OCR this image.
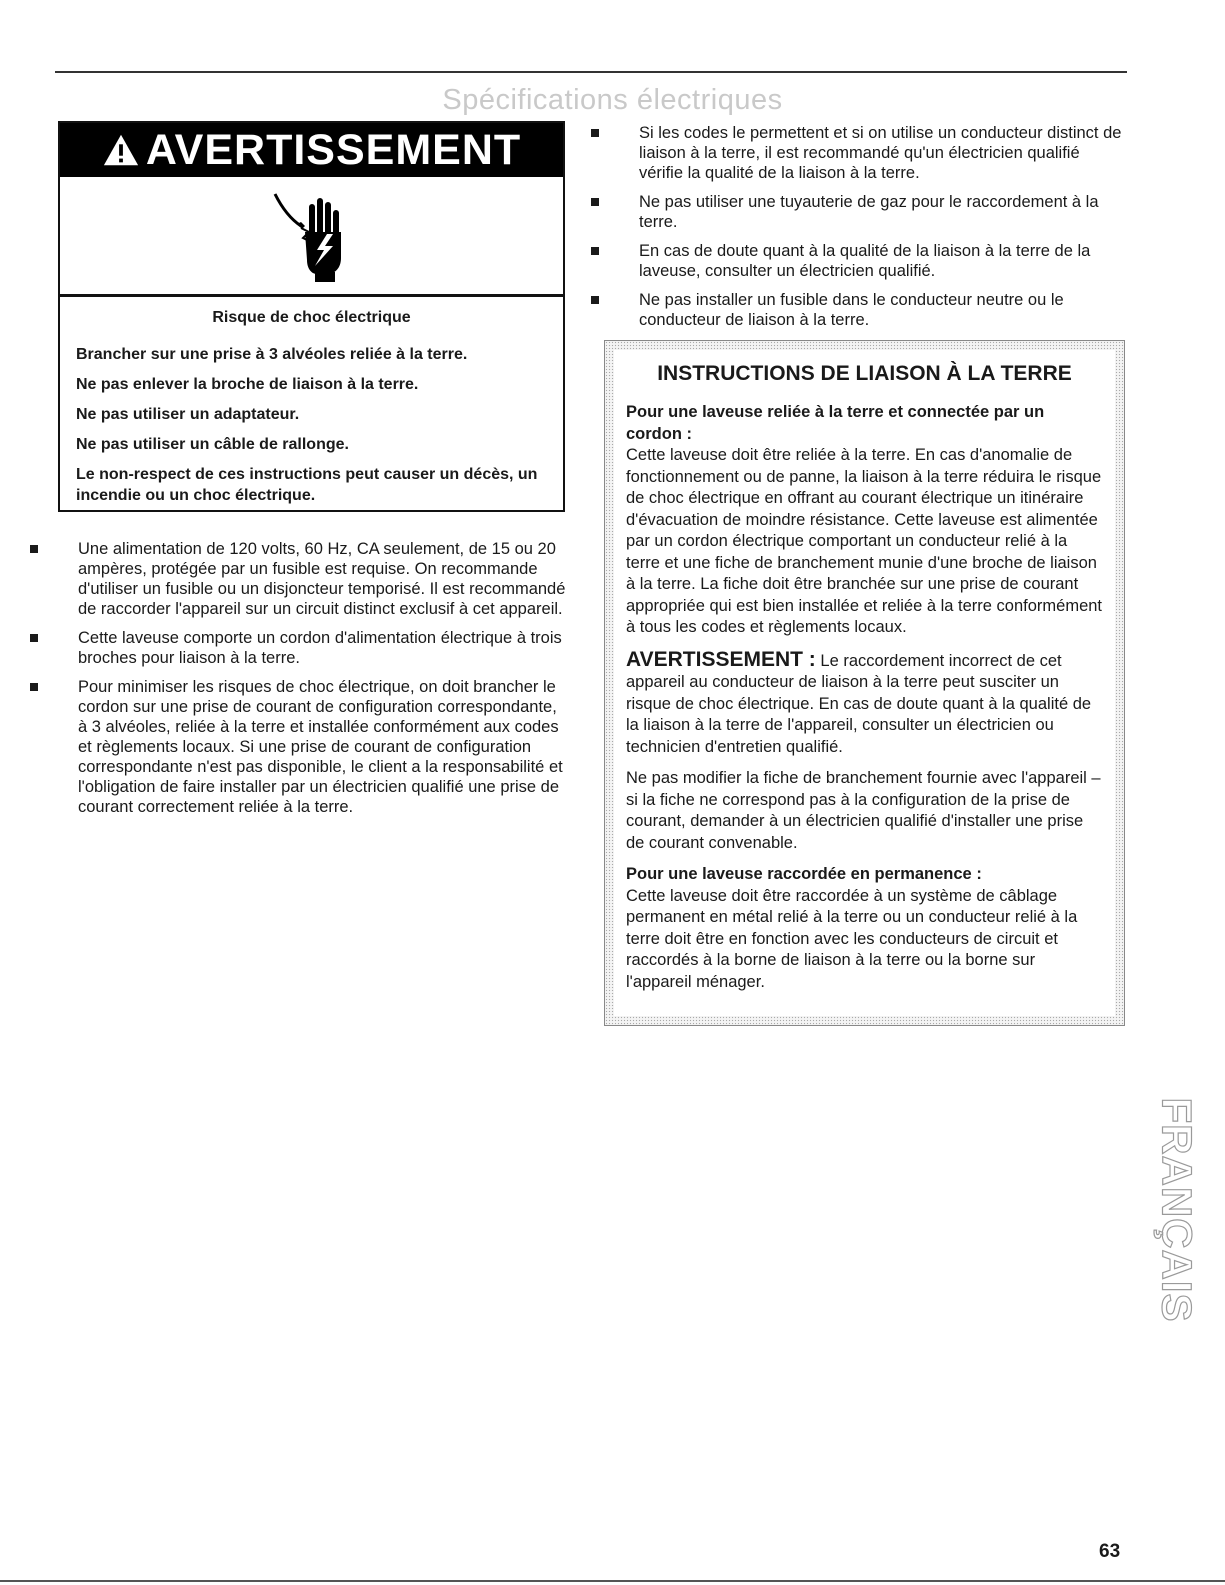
Spécifications électriques
AVERTISSEMENT

Risque de choc électrique

Brancher sur une prise à 3 alvéoles reliée à la terre.

Ne pas enlever la broche de liaison à la terre.

Ne pas utiliser un adaptateur.

Ne pas utiliser un câble de rallonge.

Le non-respect de ces instructions peut causer un décès, un incendie ou un choc électrique.

Une alimentation de 120 volts, 60 Hz, CA seulement, de 15 ou 20 ampères, protégée par un fusible est requise. On recommande d'utiliser un fusible ou un disjoncteur temporisé. Il est recommandé de raccorder l'appareil sur un circuit distinct exclusif à cet appareil.
Cette laveuse comporte un cordon d'alimentation électrique à trois broches pour liaison à la terre.
Pour minimiser les risques de choc électrique, on doit brancher le cordon sur une prise de courant de configuration correspondante, à 3 alvéoles, reliée à la terre et installée conformément aux codes et règlements locaux. Si une prise de courant de configuration correspondante n'est pas disponible, le client a la responsabilité et l'obligation de faire installer par un électricien qualifié une prise de courant correctement reliée à la terre.
Si les codes le permettent et si on utilise un conducteur distinct de liaison à la terre, il est recommandé qu'un électricien qualifié vérifie la qualité de la liaison à la terre.
Ne pas utiliser une tuyauterie de gaz pour le raccordement à la terre.
En cas de doute quant à la qualité de la liaison à la terre de la laveuse, consulter un électricien qualifié.
Ne pas installer un fusible dans le conducteur neutre ou le conducteur de liaison à la terre.
INSTRUCTIONS DE LIAISON À LA TERRE

Pour une laveuse reliée à la terre et connectée par un cordon :
Cette laveuse doit être reliée à la terre. En cas d'anomalie de fonctionnement ou de panne, la liaison à la terre réduira le risque de choc électrique en offrant au courant électrique un itinéraire d'évacuation de moindre résistance. Cette laveuse est alimentée par un cordon électrique comportant un conducteur relié à la terre et une fiche de branchement munie d'une broche de liaison à la terre. La fiche doit être branchée sur une prise de courant appropriée qui est bien installée et reliée à la terre conformément à tous les codes et règlements locaux.

AVERTISSEMENT : Le raccordement incorrect de cet appareil au conducteur de liaison à la terre peut susciter un risque de choc électrique. En cas de doute quant à la qualité de la liaison à la terre de l'appareil, consulter un électricien ou technicien d'entretien qualifié.

Ne pas modifier la fiche de branchement fournie avec l'appareil – si la fiche ne correspond pas à la configuration de la prise de courant, demander à un électricien qualifié d'installer une prise de courant convenable.

Pour une laveuse raccordée en permanence :
Cette laveuse doit être raccordée à un système de câblage permanent en métal relié à la terre ou un conducteur relié à la terre doit être en fonction avec les conducteurs de circuit et raccordés à la borne de liaison à la terre ou la borne sur l'appareil ménager.

FRANÇAIS
63
